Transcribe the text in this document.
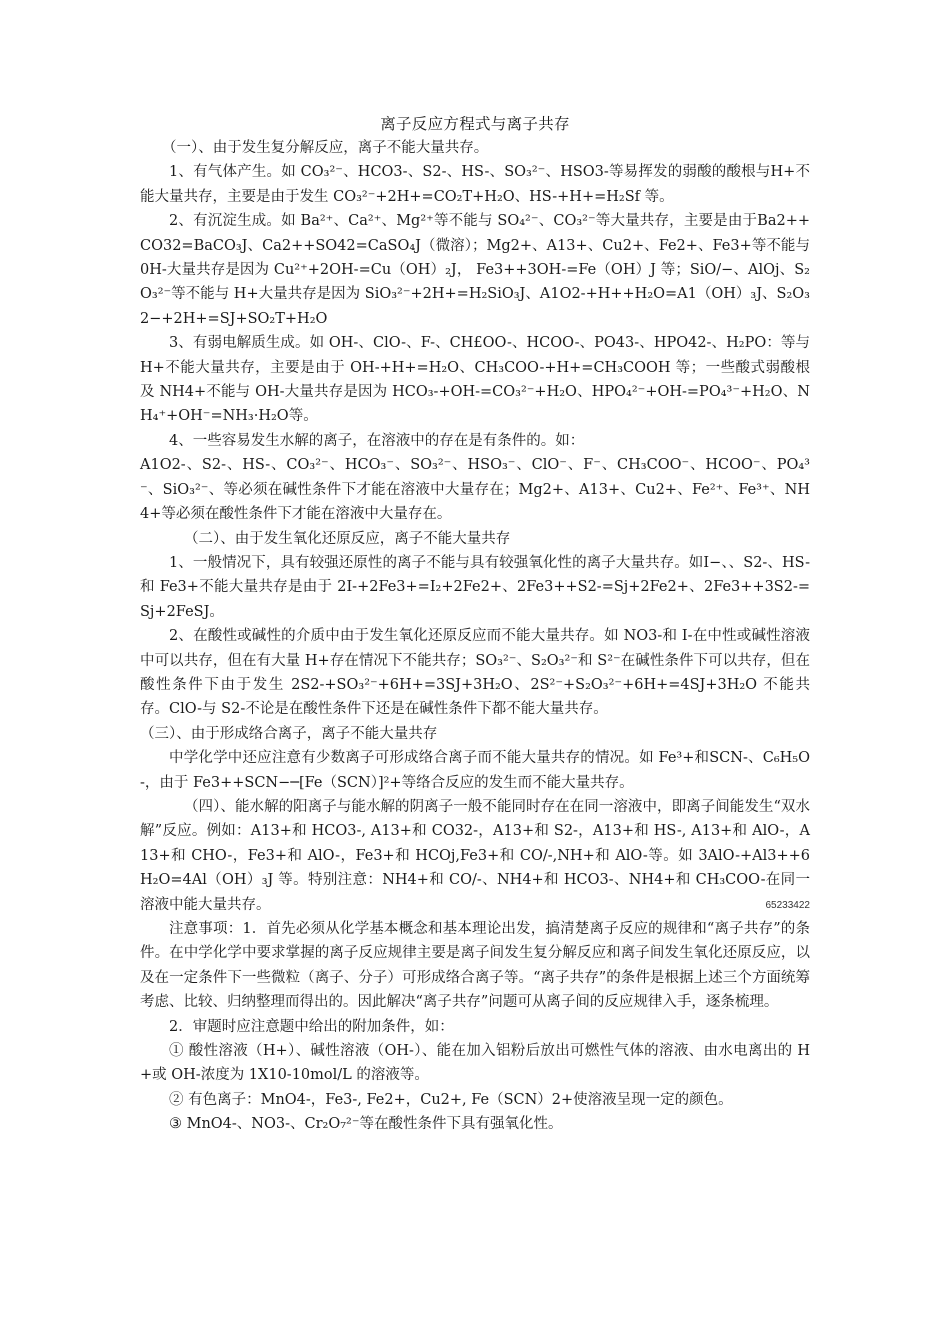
离子反应方程式与离子共存

（一）、由于发生复分解反应，离子不能大量共存。

1、有气体产生。如 CO₃²⁻、HCO3-、S2-、HS-、SO₃²⁻、HSO3-等易挥发的弱酸的酸根与H+不能大量共存，主要是由于发生 CO₃²⁻+2H+=CO₂T+H₂O、HS-+H+=H₂Sf 等。

2、有沉淀生成。如 Ba²⁺、Ca²⁺、Mg²⁺等不能与 SO₄²⁻、CO₃²⁻等大量共存，主要是由于Ba2++CO32=BaCO₃J、Ca2++SO42=CaSO₄J（微溶）；Mg2+、A13+、Cu2+、Fe2+、Fe3+等不能与0H-大量共存是因为 Cu²⁺+2OH-=Cu（OH）₂J， Fe3++3OH-=Fe（OH）J 等；SiO/−、AlOj、S₂O₃²⁻等不能与 H+大量共存是因为 SiO₃²⁻+2H+=H₂SiO₃J、A1O2-+H++H₂O=A1（OH）₃J、S₂O₃2−+2H+=SJ+SO₂T+H₂O

3、有弱电解质生成。如 OH-、ClO-、F-、CH£OO-、HCOO-、PO43-、HPO42-、H₂PO：等与 H+不能大量共存，主要是由于 OH-+H+=H₂O、CH₃COO-+H+=CH₃COOH 等；一些酸式弱酸根及 NH4+不能与 OH-大量共存是因为 HCO₃-+OH-=CO₃²⁻+H₂O、HPO₄²⁻+OH-=PO₄³⁻+H₂O、NH₄⁺+OH⁻=NH₃·H₂O等。

4、一些容易发生水解的离子，在溶液中的存在是有条件的。如：

A1O2-、S2-、HS-、CO₃²⁻、HCO₃⁻、SO₃²⁻、HSO₃⁻、ClO⁻、F⁻、CH₃COO⁻、HCOO⁻、PO₄³⁻、SiO₃²⁻、等必须在碱性条件下才能在溶液中大量存在；Mg2+、A13+、Cu2+、Fe²⁺、Fe³⁺、NH4+等必须在酸性条件下才能在溶液中大量存在。

（二）、由于发生氧化还原反应，离子不能大量共存

1、一般情况下，具有较强还原性的离子不能与具有较强氧化性的离子大量共存。如I−、、S2-、HS-和 Fe3+不能大量共存是由于 2I-+2Fe3+=I₂+2Fe2+、2Fe3++S2-=Sj+2Fe2+、2Fe3++3S2-=Sj+2FeSJ。

2、在酸性或碱性的介质中由于发生氧化还原反应而不能大量共存。如 NO3-和 I-在中性或碱性溶液中可以共存，但在有大量 H+存在情况下不能共存；SO₃²⁻、S₂O₃²⁻和 S²⁻在碱性条件下可以共存，但在酸性条件下由于发生 2S2-+SO₃²⁻+6H+=3SJ+3H₂O、2S²⁻+S₂O₃²⁻+6H+=4SJ+3H₂O 不能共存。ClO-与 S2-不论是在酸性条件下还是在碱性条件下都不能大量共存。

（三）、由于形成络合离子，离子不能大量共存

中学化学中还应注意有少数离子可形成络合离子而不能大量共存的情况。如 Fe³+和SCN-、C₆H₅O-，由于 Fe3++SCN−─[Fe（SCN）]²+等络合反应的发生而不能大量共存。

（四）、能水解的阳离子与能水解的阴离子一般不能同时存在在同一溶液中，即离子间能发生“双水解”反应。例如：A13+和 HCO3-, A13+和 CO32-，A13+和 S2-，A13+和 HS-, A13+和 AlO-，A13+和 CHO-，Fe3+和 AlO-，Fe3+和 HCOj,Fe3+和 CO/-,NH+和 AlO-等。如 3AlO-+Al3++6H₂O=4Al（OH）₃J 等。特别注意：NH4+和 CO/-、NH4+和 HCO3-、NH4+和 CH₃COO-在同一溶液中能大量共存。

注意事项：1．首先必须从化学基本概念和基本理论出发，搞清楚离子反应的规律和“离子共存”的条件。在中学化学中要求掌握的离子反应规律主要是离子间发生复分解反应和离子间发生氧化还原反应，以及在一定条件下一些微粒（离子、分子）可形成络合离子等。“离子共存”的条件是根据上述三个方面统筹考虑、比较、归纳整理而得出的。因此解决“离子共存”问题可从离子间的反应规律入手，逐条梳理。

2．审题时应注意题中给出的附加条件，如：

① 酸性溶液（H+）、碱性溶液（OH-）、能在加入铝粉后放出可燃性气体的溶液、由水电离出的 H+或 OH-浓度为 1X10-10mol/L 的溶液等。

② 有色离子：MnO4-，Fe3-, Fe2+，Cu2+, Fe（SCN）2+使溶液呈现一定的颜色。

③ MnO4-、NO3-、Cr₂O₇²⁻等在酸性条件下具有强氧化性。

65233422
